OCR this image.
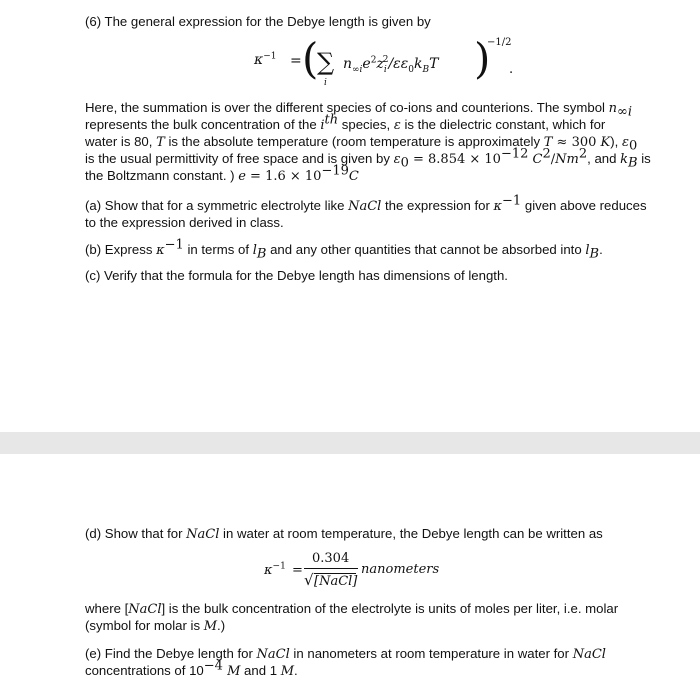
(6) The general expression for the Debye length is given by
$\kappa^{-1}$ = (
∑
i
$n_{\infty i}e^2z_i^2/\varepsilon\varepsilon_0k_BT$ )
−1/2
.
Here, the summation is over the different species of co-ions and counterions. The symbol $n_{\infty i}$
represents the bulk concentration of the $i^{th}$ species, ε is the dielectric constant, which for
water is 80, T is the absolute temperature (room temperature is approximately T ≈ 300 K), $\varepsilon_0$
is the usual permittivity of free space and is given by $\varepsilon_0 = 8.854 \times 10^{-12}$ $C^2/Nm^2$, and $k_B$ is
the Boltzmann constant. ) $e = 1.6 \times 10^{-19}C$
(a) Show that for a symmetric electrolyte like NaCl the expression for $\kappa^{-1}$ given above reduces
to the expression derived in class.
(b) Express $\kappa^{-1}$ in terms of $l_B$ and any other quantities that cannot be absorbed into $l_B$.
(c) Verify that the formula for the Debye length has dimensions of length.
(d) Show that for NaCl in water at room temperature, the Debye length can be written as
$\kappa^{-1}$ =
0.304
√ [NaCl]
nanometers
where [NaCl] is the bulk concentration of the electrolyte is units of moles per liter, i.e. molar
(symbol for molar is M.)
(e) Find the Debye length for NaCl in nanometers at room temperature in water for NaCl
concentrations of $10^{-4}$ M and 1 M.
